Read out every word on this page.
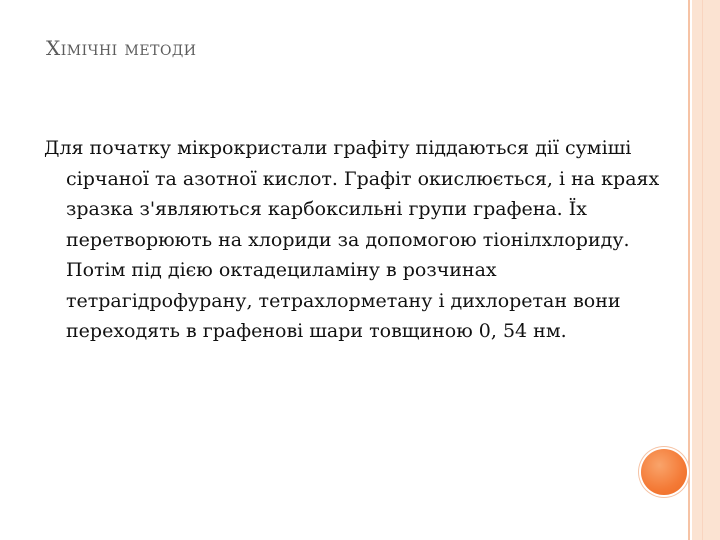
Хімічні методи
Для початку мікрокристали графіту піддаються дії суміші сірчаної та азотної кислот. Графіт окислюється, і на краях зразка з'являються карбоксильні групи графена. Їх перетворюють на хлориди за допомогою тіонілхлориду. Потім під дією октадециламіну в розчинах тетрагідрофурану, тетрахлорметану і дихлоретан вони переходять в графенові шари товщиною 0, 54 нм.
